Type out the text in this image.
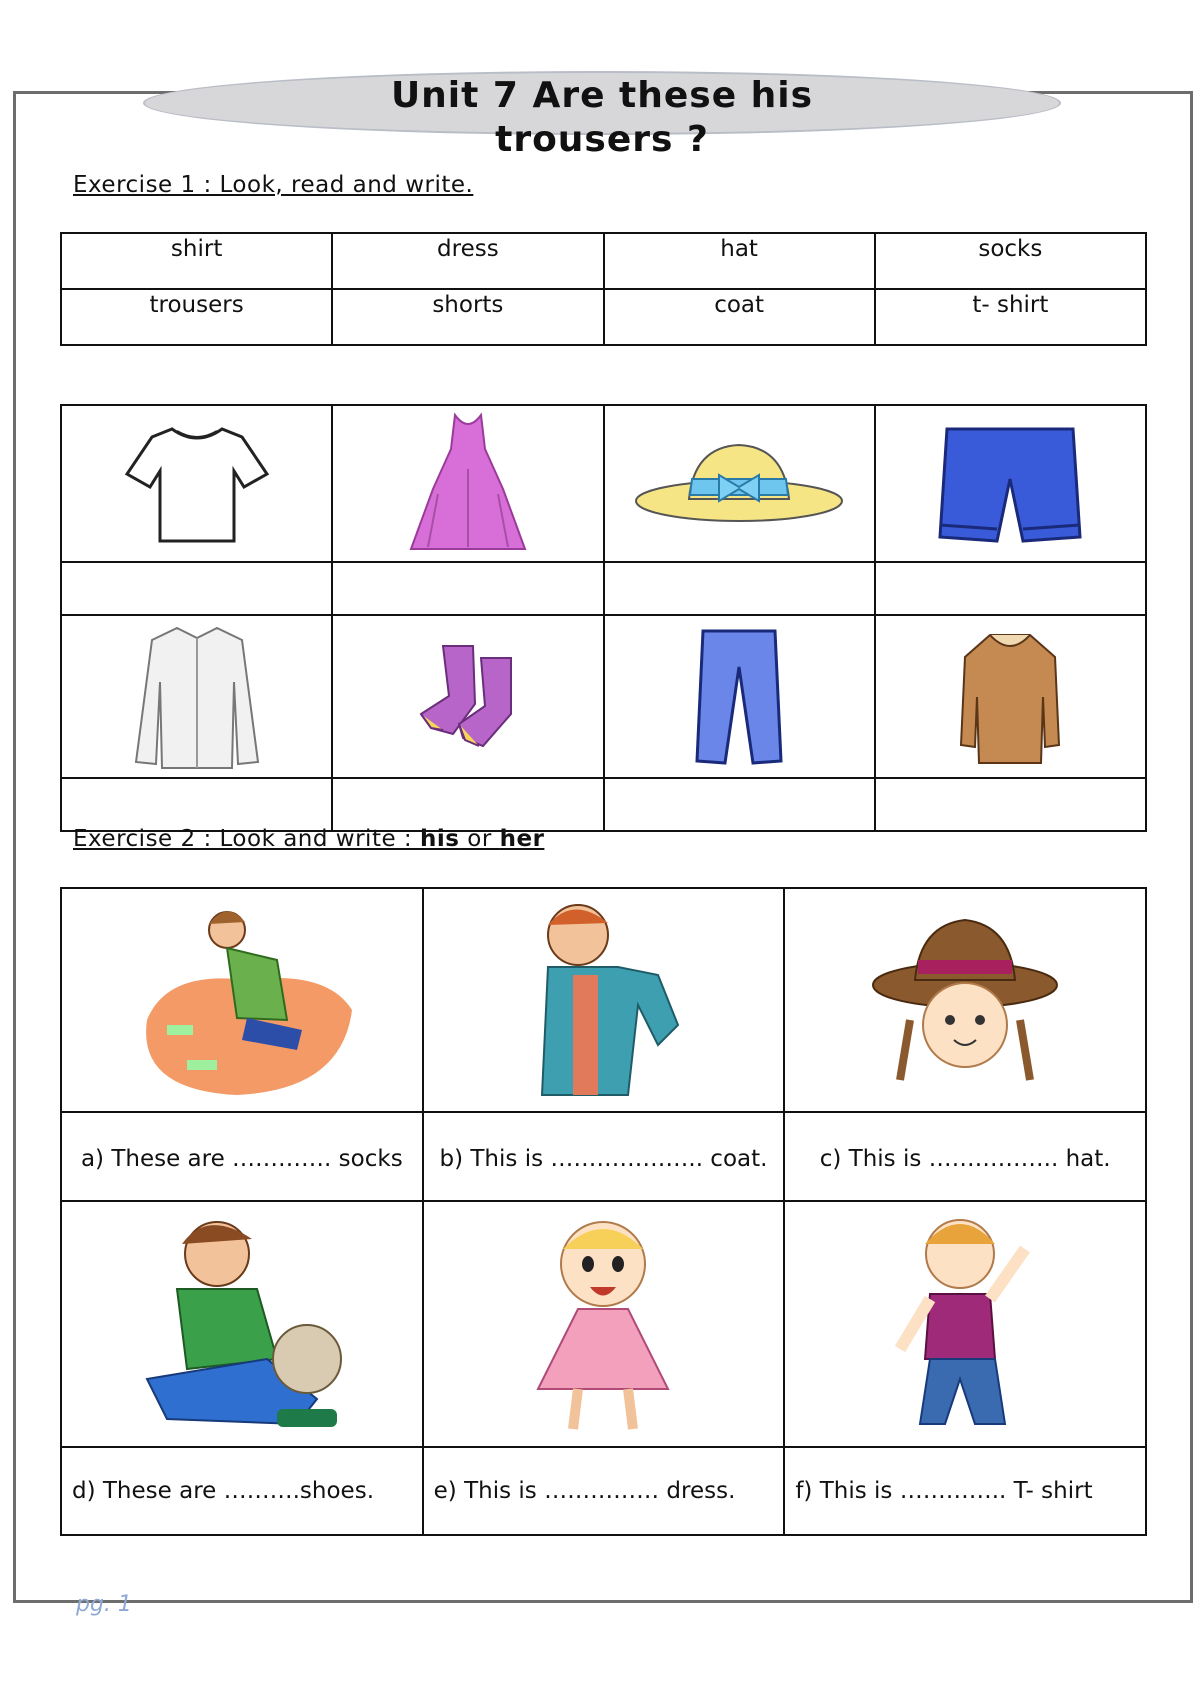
Unit 7 Are these his
trousers ?
Exercise 1 : Look, read and write.
shirt	dress	hat	socks
trousers	shorts	coat	t- shirt

Exercise 2 : Look and write : his or her

a) These are …………. socks	b) This is ……………….. coat.	c) This is …………….. hat.

d) These are ……….shoes.	e) This is …………… dress.	f) This is ………….. T- shirt
pg. 1
